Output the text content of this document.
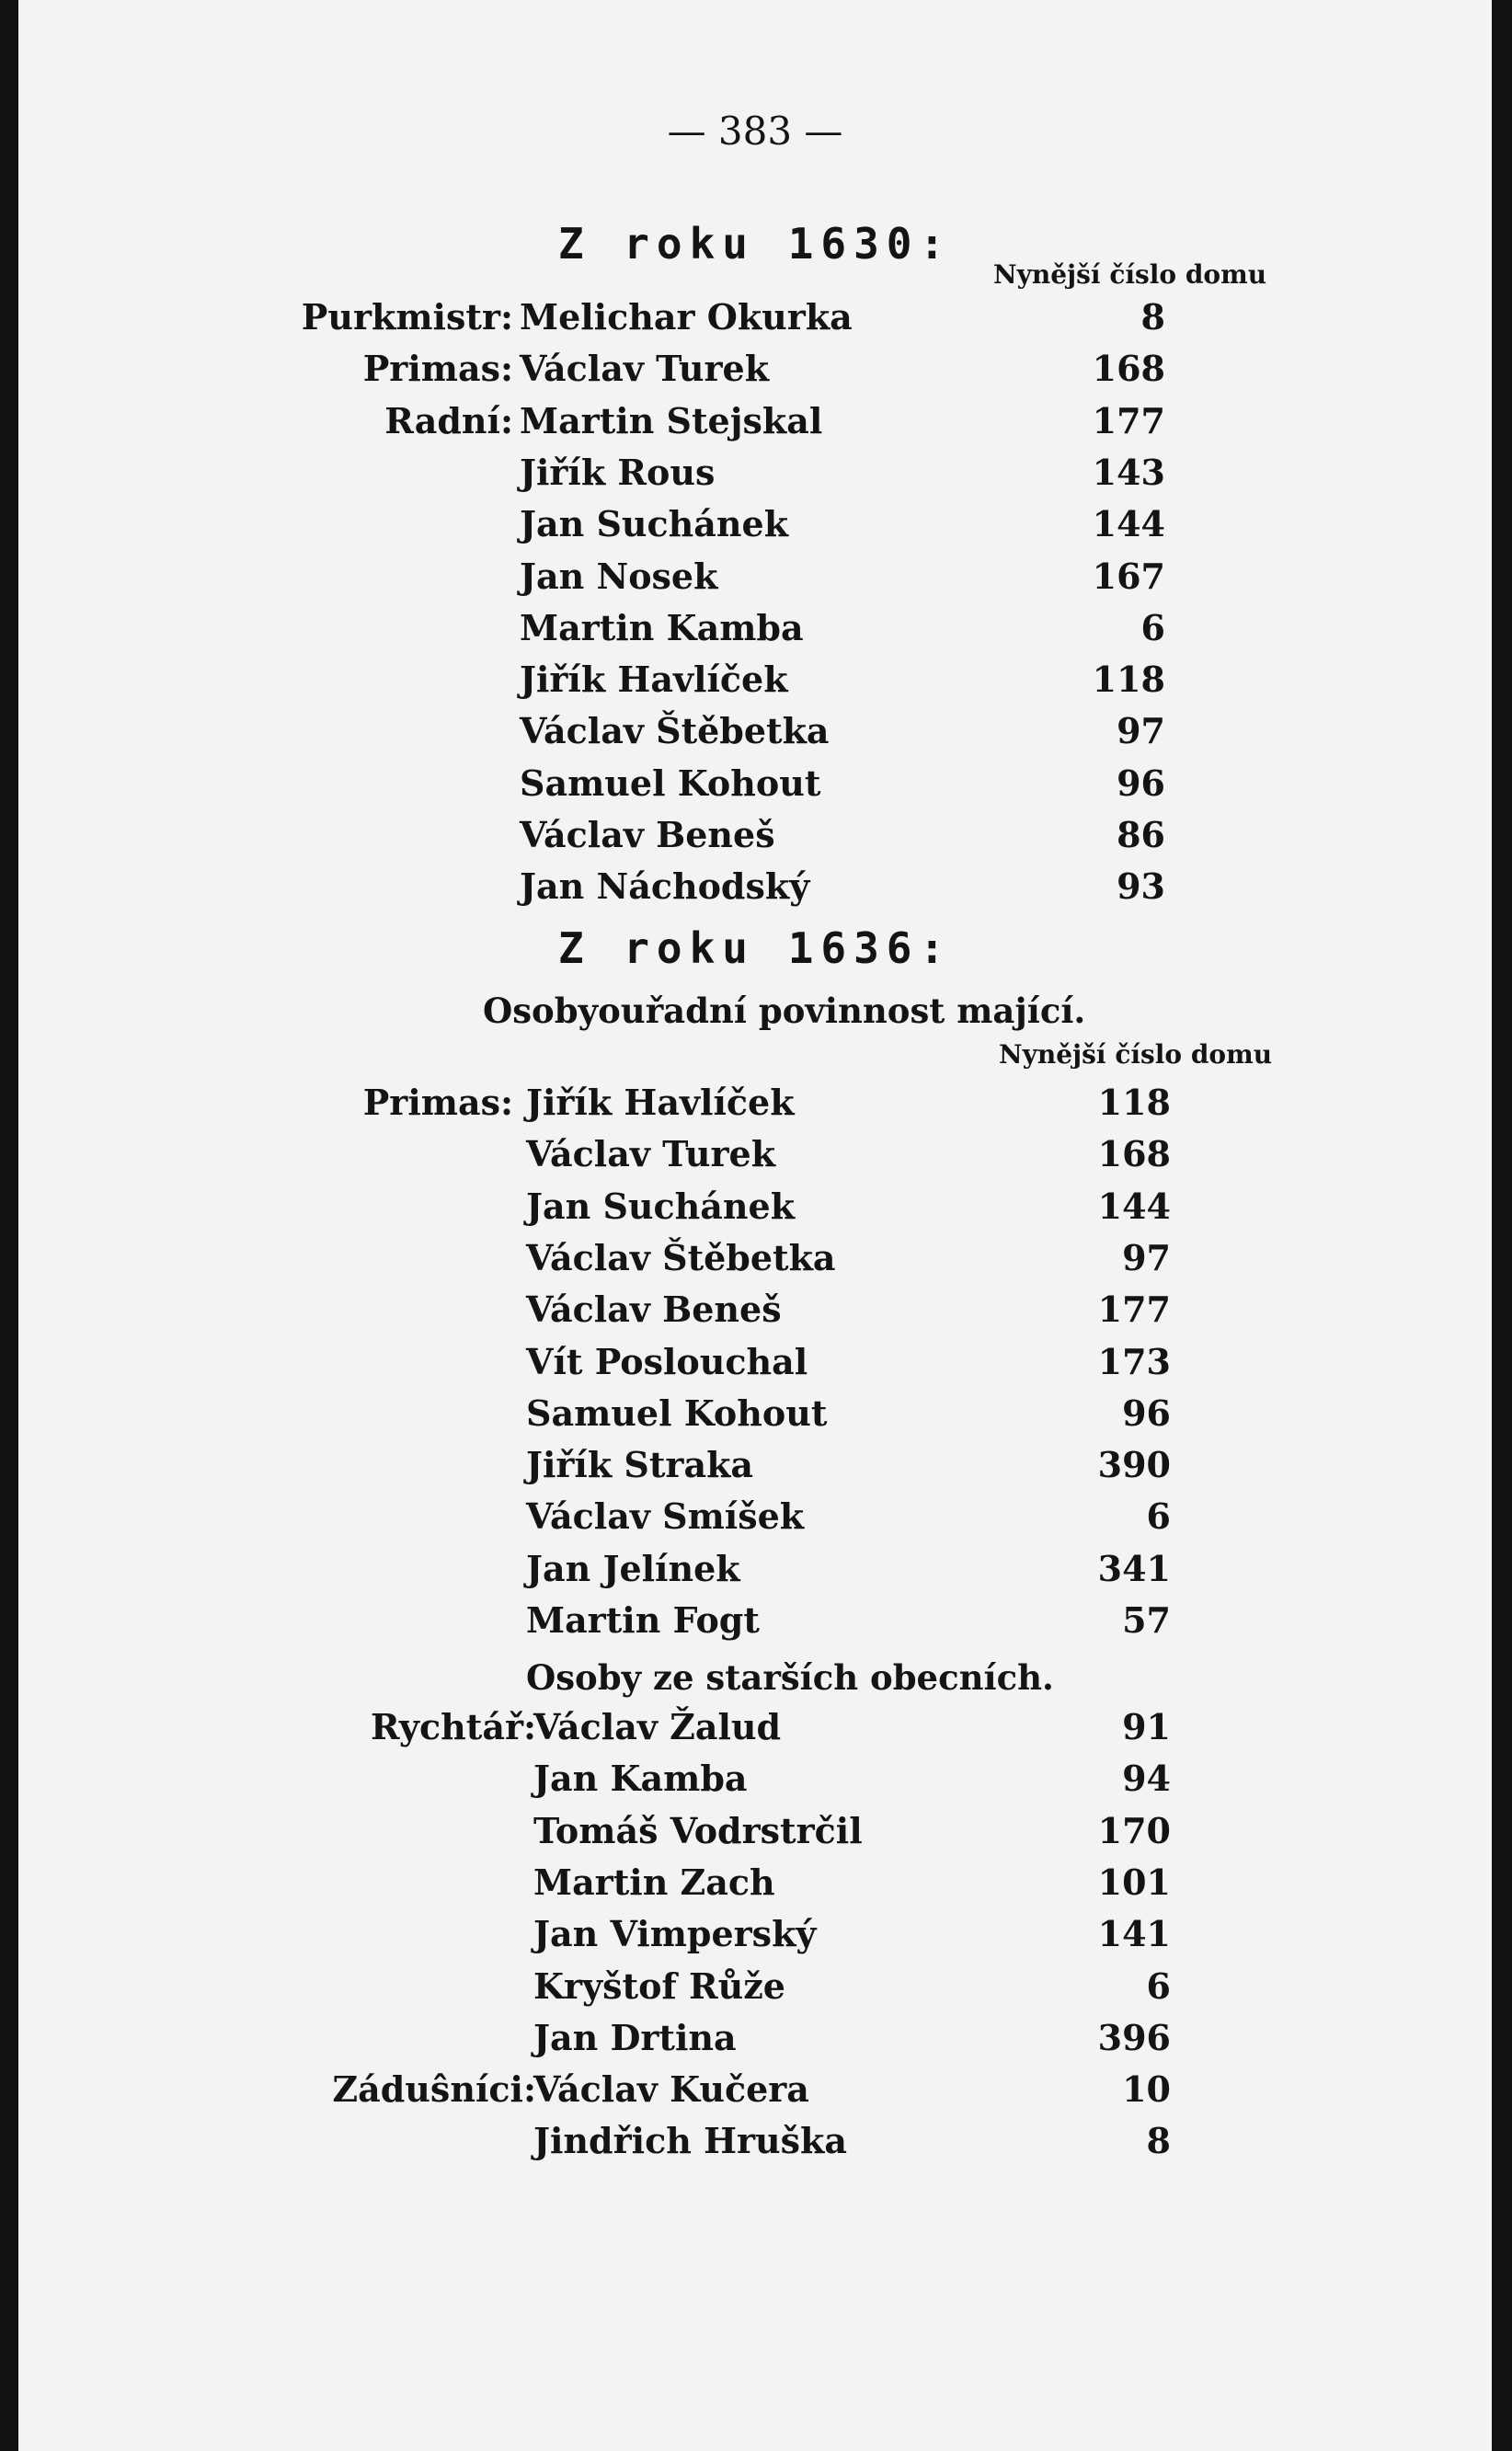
— 383 —
Z roku 1630:
Nynější číslo domu
Purkmistr: Melichar Okurka	8
Primas: Václav Turek	168
Radní: Martin Stejskal	177
Jiřík Rous	143
Jan Suchánek	144
Jan Nosek	167
Martin Kamba	6
Jiřík Havlíček	118
Václav Štěbetka	97
Samuel Kohout	96
Václav Beneš	86
Jan Náchodský	93
Z roku 1636:
Osobyouřadní povinnost mající.
Nynější číslo domu
Primas: Jiřík Havlíček	118
Václav Turek	168
Jan Suchánek	144
Václav Štěbetka	97
Václav Beneš	177
Vít Poslouchal	173
Samuel Kohout	96
Jiřík Straka	390
Václav Smíšek	6
Jan Jelínek	341
Martin Fogt	57
Osoby ze starších obecních.
Rychtář:
Václav Žalud	91
Jan Kamba	94
Tomáš Vodrstrčil	170
Martin Zach	101
Jan Vimperský	141
Kryštof Růže	6
Jan Drtina	396
Záduŝníci:
Václav Kučera	10
Jindřich Hruška	8
